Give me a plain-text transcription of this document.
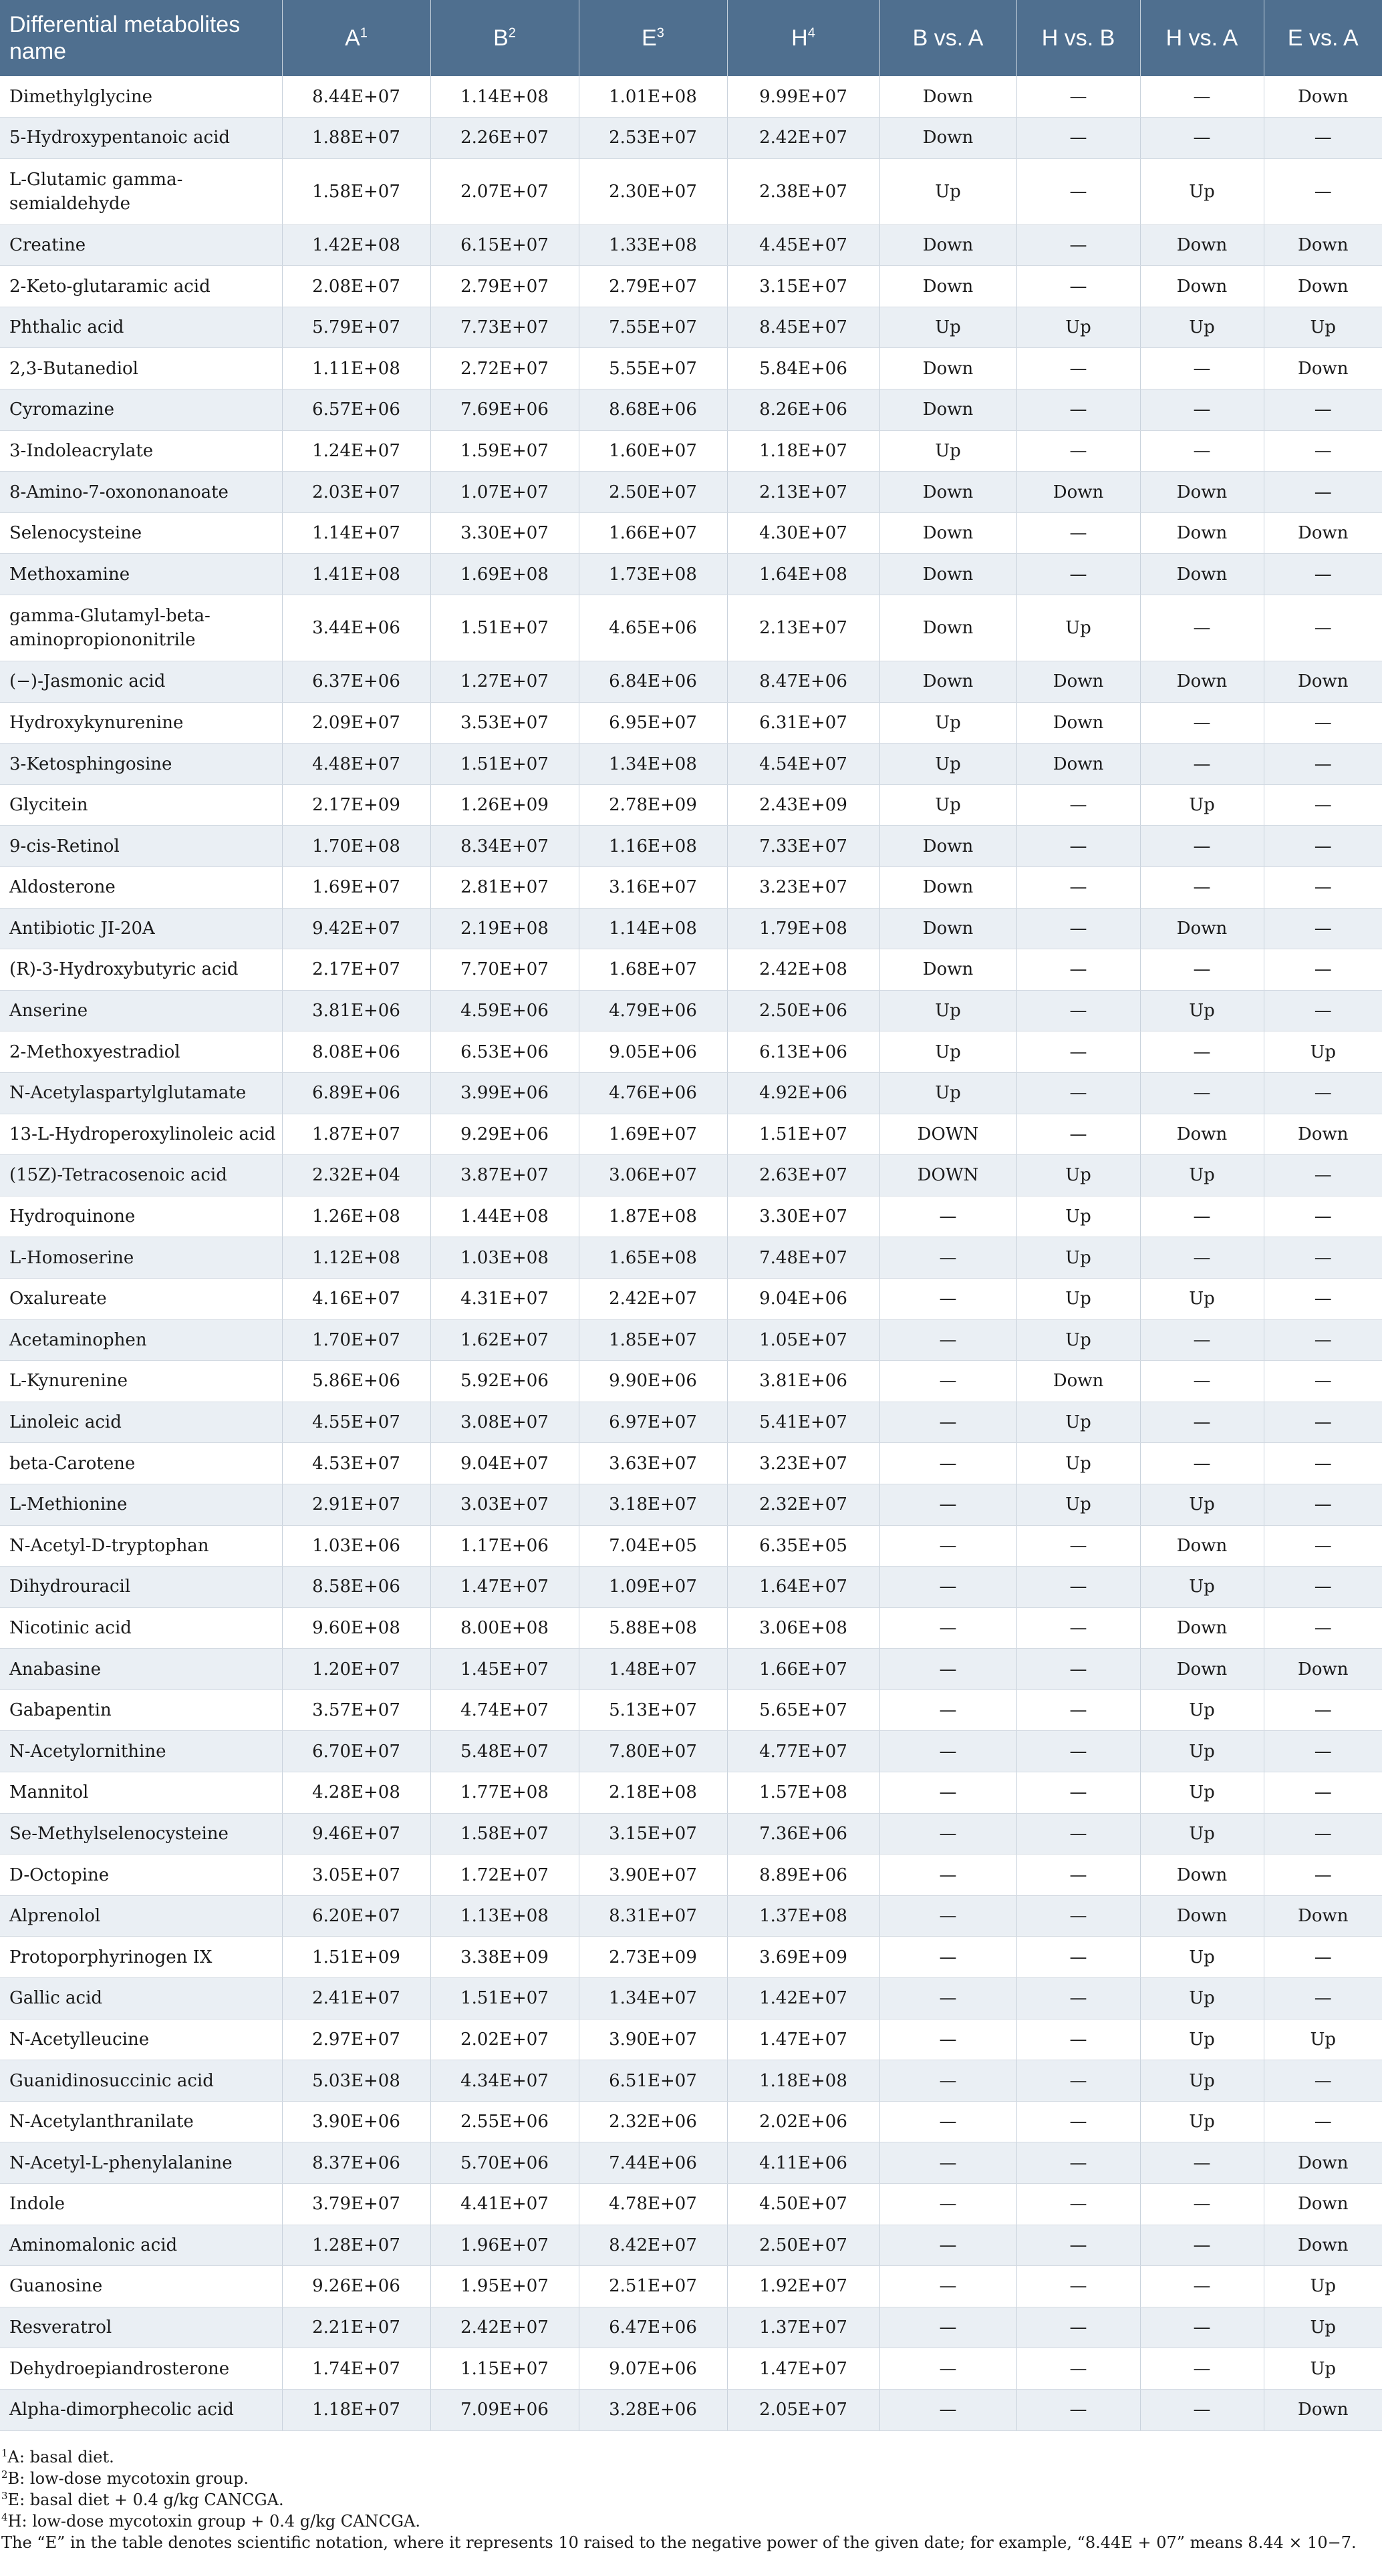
Differential metabolites name	$A^1$	$B^2$	$E^3$	$H^4$	B vs. A	H vs. B	H vs. A	E vs. A
Dimethylglycine	8.44E+07	1.14E+08	1.01E+08	9.99E+07	Down	—	—	Down
5-Hydroxypentanoic acid	1.88E+07	2.26E+07	2.53E+07	2.42E+07	Down	—	—	—
L-Glutamic gamma-semialdehyde	1.58E+07	2.07E+07	2.30E+07	2.38E+07	Up	—	Up	—
Creatine	1.42E+08	6.15E+07	1.33E+08	4.45E+07	Down	—	Down	Down
2-Keto-glutaramic acid	2.08E+07	2.79E+07	2.79E+07	3.15E+07	Down	—	Down	Down
Phthalic acid	5.79E+07	7.73E+07	7.55E+07	8.45E+07	Up	Up	Up	Up
2,3-Butanediol	1.11E+08	2.72E+07	5.55E+07	5.84E+06	Down	—	—	Down
Cyromazine	6.57E+06	7.69E+06	8.68E+06	8.26E+06	Down	—	—	—
3-Indoleacrylate	1.24E+07	1.59E+07	1.60E+07	1.18E+07	Up	—	—	—
8-Amino-7-oxononanoate	2.03E+07	1.07E+07	2.50E+07	2.13E+07	Down	Down	Down	—
Selenocysteine	1.14E+07	3.30E+07	1.66E+07	4.30E+07	Down	—	Down	Down
Methoxamine	1.41E+08	1.69E+08	1.73E+08	1.64E+08	Down	—	Down	—
gamma-Glutamyl-beta-aminopropiononitrile	3.44E+06	1.51E+07	4.65E+06	2.13E+07	Down	Up	—	—
(−)-Jasmonic acid	6.37E+06	1.27E+07	6.84E+06	8.47E+06	Down	Down	Down	Down
Hydroxykynurenine	2.09E+07	3.53E+07	6.95E+07	6.31E+07	Up	Down	—	—
3-Ketosphingosine	4.48E+07	1.51E+07	1.34E+08	4.54E+07	Up	Down	—	—
Glycitein	2.17E+09	1.26E+09	2.78E+09	2.43E+09	Up	—	Up	—
9-cis-Retinol	1.70E+08	8.34E+07	1.16E+08	7.33E+07	Down	—	—	—
Aldosterone	1.69E+07	2.81E+07	3.16E+07	3.23E+07	Down	—	—	—
Antibiotic JI-20A	9.42E+07	2.19E+08	1.14E+08	1.79E+08	Down	—	Down	—
(R)-3-Hydroxybutyric acid	2.17E+07	7.70E+07	1.68E+07	2.42E+08	Down	—	—	—
Anserine	3.81E+06	4.59E+06	4.79E+06	2.50E+06	Up	—	Up	—
2-Methoxyestradiol	8.08E+06	6.53E+06	9.05E+06	6.13E+06	Up	—	—	Up
N-Acetylaspartylglutamate	6.89E+06	3.99E+06	4.76E+06	4.92E+06	Up	—	—	—
13-L-Hydroperoxylinoleic acid	1.87E+07	9.29E+06	1.69E+07	1.51E+07	DOWN	—	Down	Down
(15Z)-Tetracosenoic acid	2.32E+04	3.87E+07	3.06E+07	2.63E+07	DOWN	Up	Up	—
Hydroquinone	1.26E+08	1.44E+08	1.87E+08	3.30E+07	—	Up	—	—
L-Homoserine	1.12E+08	1.03E+08	1.65E+08	7.48E+07	—	Up	—	—
Oxalureate	4.16E+07	4.31E+07	2.42E+07	9.04E+06	—	Up	Up	—
Acetaminophen	1.70E+07	1.62E+07	1.85E+07	1.05E+07	—	Up	—	—
L-Kynurenine	5.86E+06	5.92E+06	9.90E+06	3.81E+06	—	Down	—	—
Linoleic acid	4.55E+07	3.08E+07	6.97E+07	5.41E+07	—	Up	—	—
beta-Carotene	4.53E+07	9.04E+07	3.63E+07	3.23E+07	—	Up	—	—
L-Methionine	2.91E+07	3.03E+07	3.18E+07	2.32E+07	—	Up	Up	—
N-Acetyl-D-tryptophan	1.03E+06	1.17E+06	7.04E+05	6.35E+05	—	—	Down	—
Dihydrouracil	8.58E+06	1.47E+07	1.09E+07	1.64E+07	—	—	Up	—
Nicotinic acid	9.60E+08	8.00E+08	5.88E+08	3.06E+08	—	—	Down	—
Anabasine	1.20E+07	1.45E+07	1.48E+07	1.66E+07	—	—	Down	Down
Gabapentin	3.57E+07	4.74E+07	5.13E+07	5.65E+07	—	—	Up	—
N-Acetylornithine	6.70E+07	5.48E+07	7.80E+07	4.77E+07	—	—	Up	—
Mannitol	4.28E+08	1.77E+08	2.18E+08	1.57E+08	—	—	Up	—
Se-Methylselenocysteine	9.46E+07	1.58E+07	3.15E+07	7.36E+06	—	—	Up	—
D-Octopine	3.05E+07	1.72E+07	3.90E+07	8.89E+06	—	—	Down	—
Alprenolol	6.20E+07	1.13E+08	8.31E+07	1.37E+08	—	—	Down	Down
Protoporphyrinogen IX	1.51E+09	3.38E+09	2.73E+09	3.69E+09	—	—	Up	—
Gallic acid	2.41E+07	1.51E+07	1.34E+07	1.42E+07	—	—	Up	—
N-Acetylleucine	2.97E+07	2.02E+07	3.90E+07	1.47E+07	—	—	Up	Up
Guanidinosuccinic acid	5.03E+08	4.34E+07	6.51E+07	1.18E+08	—	—	Up	—
N-Acetylanthranilate	3.90E+06	2.55E+06	2.32E+06	2.02E+06	—	—	Up	—
N-Acetyl-L-phenylalanine	8.37E+06	5.70E+06	7.44E+06	4.11E+06	—	—	—	Down
Indole	3.79E+07	4.41E+07	4.78E+07	4.50E+07	—	—	—	Down
Aminomalonic acid	1.28E+07	1.96E+07	8.42E+07	2.50E+07	—	—	—	Down
Guanosine	9.26E+06	1.95E+07	2.51E+07	1.92E+07	—	—	—	Up
Resveratrol	2.21E+07	2.42E+07	6.47E+06	1.37E+07	—	—	—	Up
Dehydroepiandrosterone	1.74E+07	1.15E+07	9.07E+06	1.47E+07	—	—	—	Up
Alpha-dimorphecolic acid	1.18E+07	7.09E+06	3.28E+06	2.05E+07	—	—	—	Down

$^1$A: basal diet.

$^2$B: low-dose mycotoxin group.

$^3$E: basal diet + 0.4 g/kg CANCGA.

$^4$H: low-dose mycotoxin group + 0.4 g/kg CANCGA.

The “E” in the table denotes scientific notation, where it represents 10 raised to the negative power of the given date; for example, “8.44E + 07” means 8.44 × 10−7.
